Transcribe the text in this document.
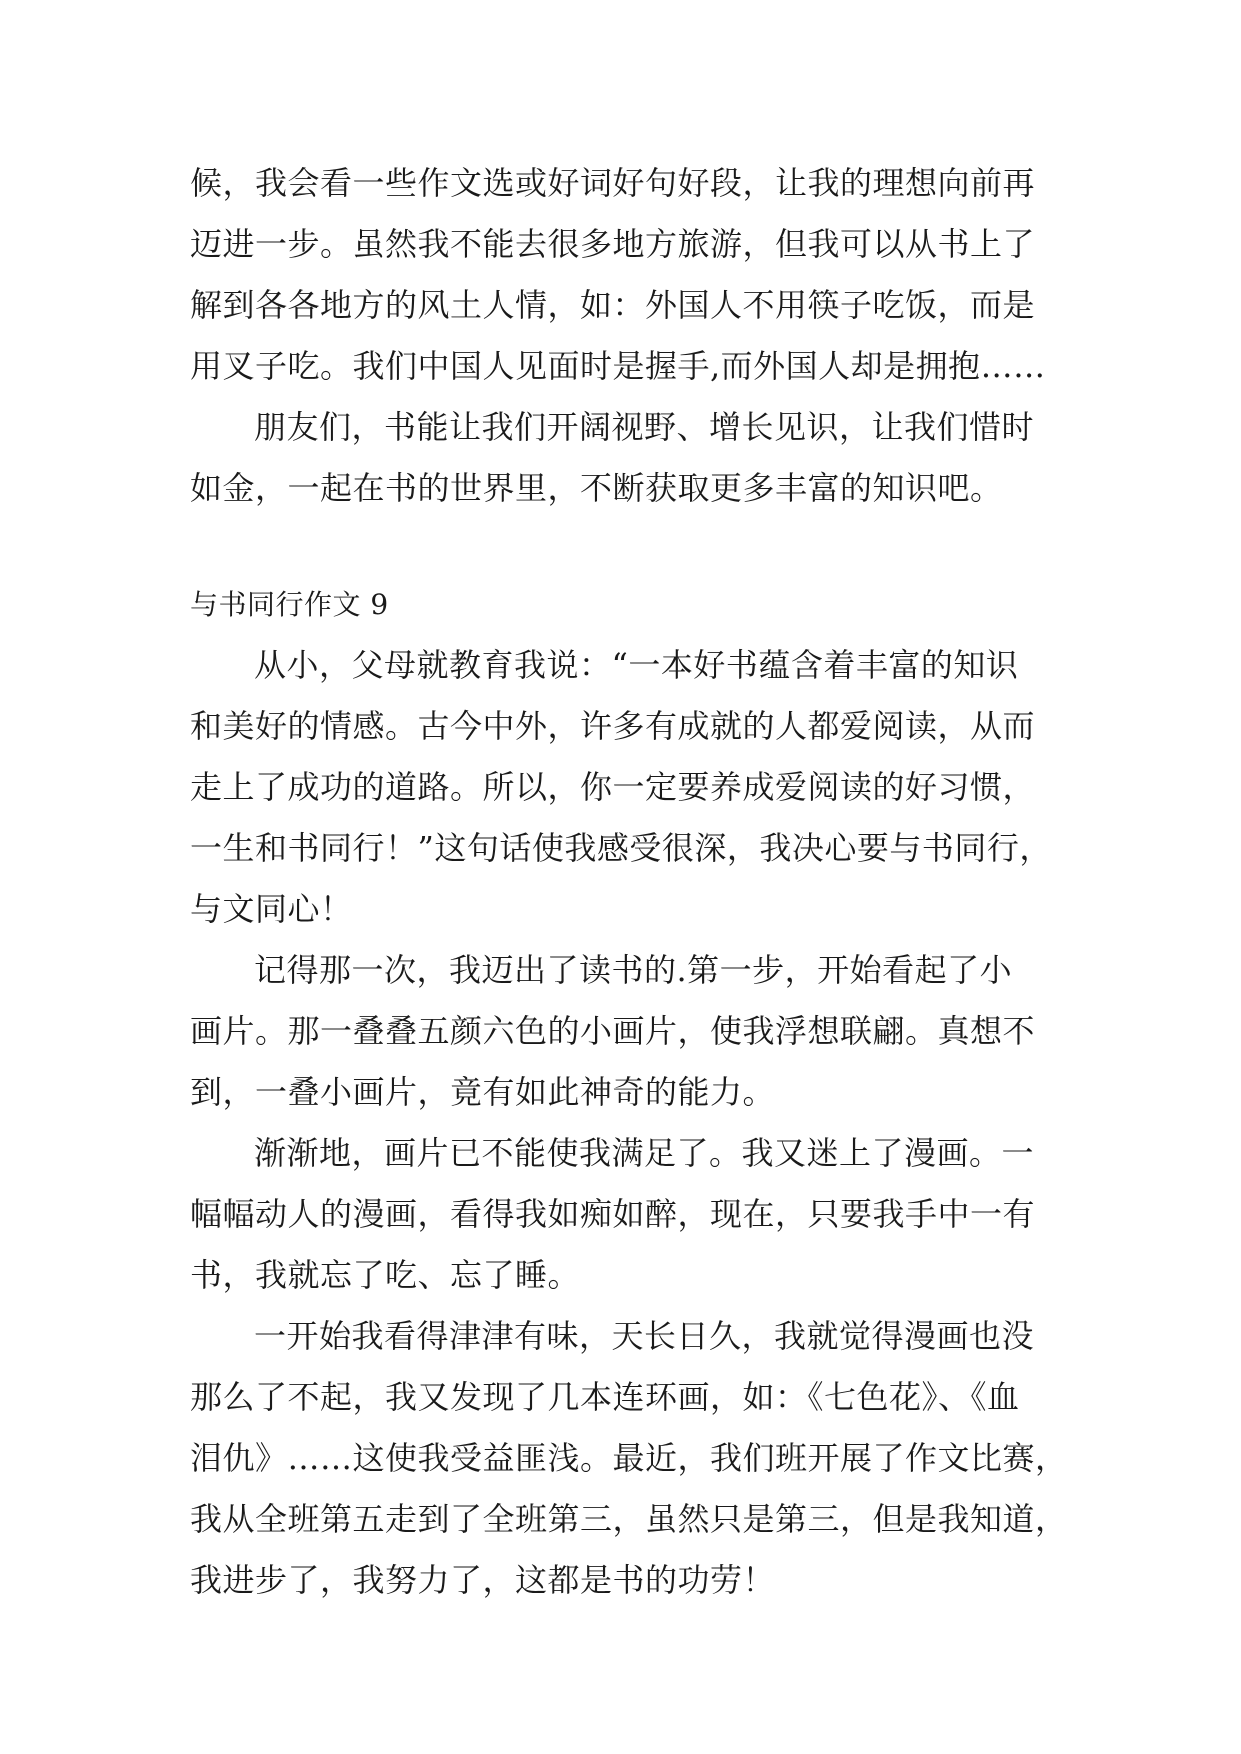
候，我会看一些作文选或好词好句好段，让我的理想向前再
迈进一步。虽然我不能去很多地方旅游，但我可以从书上了
解到各各地方的风土人情，如：外国人不用筷子吃饭，而是
用叉子吃。我们中国人见面时是握手,而外国人却是拥抱……
朋友们，书能让我们开阔视野、增长见识，让我们惜时
如金，一起在书的世界里，不断获取更多丰富的知识吧。
与书同行作文 9
从小，父母就教育我说：“一本好书蕴含着丰富的知识
和美好的情感。古今中外，许多有成就的人都爱阅读，从而
走上了成功的道路。所以，你一定要养成爱阅读的好习惯，
一生和书同行！”这句话使我感受很深，我决心要与书同行，
与文同心！
记得那一次，我迈出了读书的.第一步，开始看起了小
画片。那一叠叠五颜六色的小画片，使我浮想联翩。真想不
到，一叠小画片，竟有如此神奇的能力。
渐渐地，画片已不能使我满足了。我又迷上了漫画。一
幅幅动人的漫画，看得我如痴如醉，现在，只要我手中一有
书，我就忘了吃、忘了睡。
一开始我看得津津有味，天长日久，我就觉得漫画也没
那么了不起，我又发现了几本连环画，如：《七色花》、《血
泪仇》……这使我受益匪浅。最近，我们班开展了作文比赛，
我从全班第五走到了全班第三，虽然只是第三，但是我知道，
我进步了，我努力了，这都是书的功劳！
